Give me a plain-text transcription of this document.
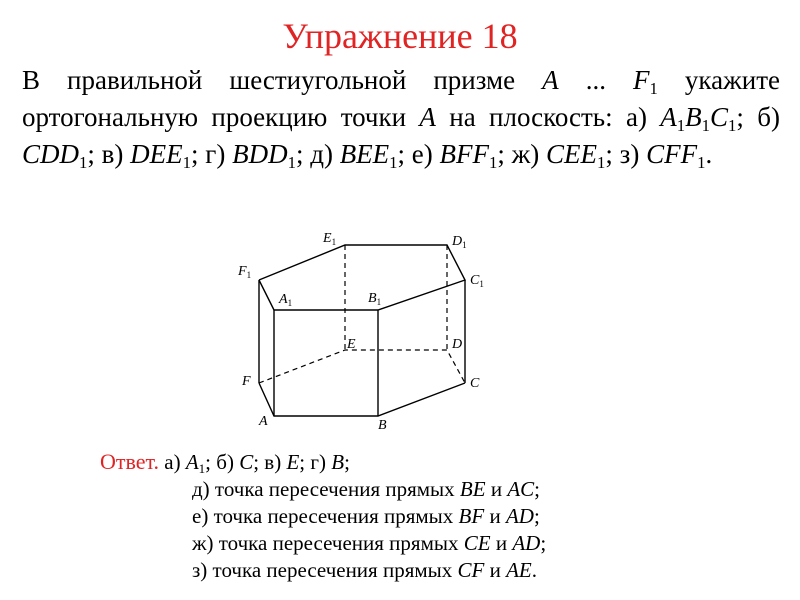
Упражнение 18
В правильной шестиугольной призме A ... $F_1$ укажите ортогональную проекцию точки A на плоскость: а) $A_1B_1C_1$; б) $CDD_1$; в) $DEE_1$; г) $BDD_1$; д) $BEE_1$; е) $BFF_1$; ж) $CEE_1$; з) $CFF_1$.
$E_1$	$D_1$
$F_1$	$C_1$
$A_1$	$B_1$
E	D
F	C
A	B
Ответ. а) $A_1$; б) C; в) E; г) B;
д) точка пересечения прямых BE и AC;
е) точка пересечения прямых BF и AD;
ж) точка пересечения прямых CE и AD;
з) точка пересечения прямых CF и AE.
